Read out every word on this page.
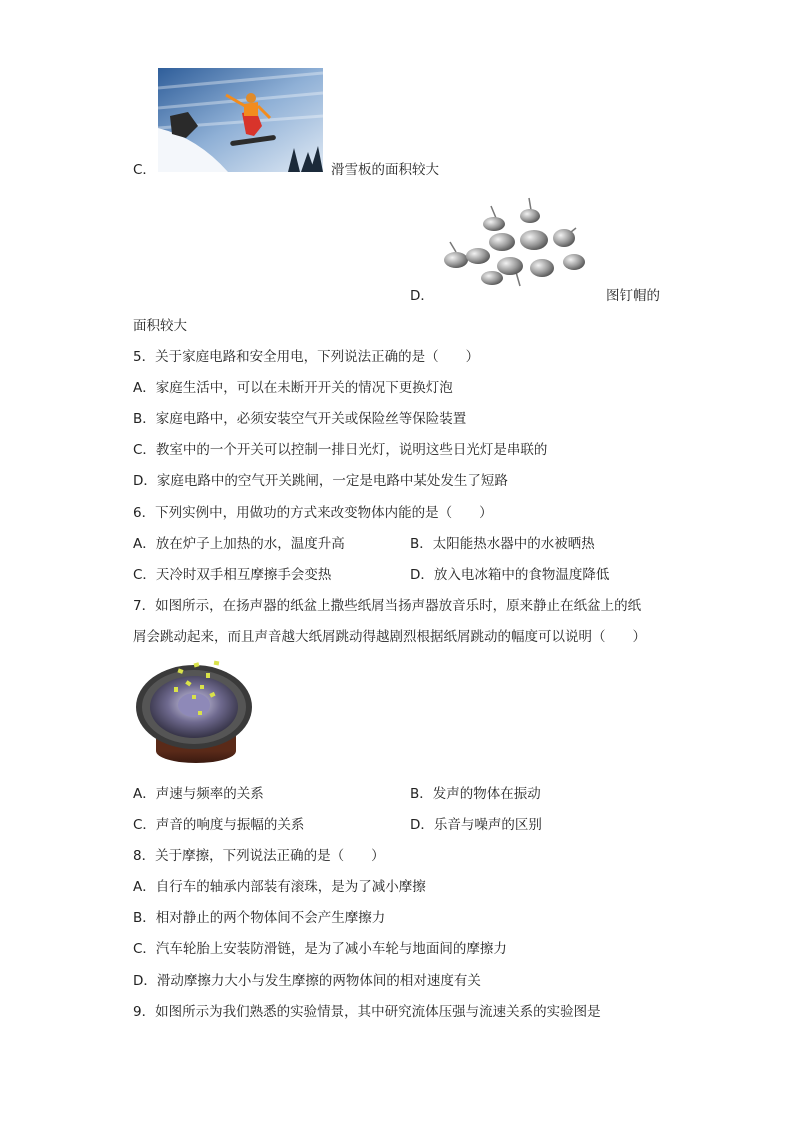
C．	滑雪板的面积较大
D．	图钉帽的
面积较大
5．关于家庭电路和安全用电，下列说法正确的是（　　）
A．家庭生活中，可以在未断开开关的情况下更换灯泡
B．家庭电路中，必须安装空气开关或保险丝等保险装置
C．教室中的一个开关可以控制一排日光灯，说明这些日光灯是串联的
D．家庭电路中的空气开关跳闸，一定是电路中某处发生了短路
6．下列实例中，用做功的方式来改变物体内能的是（　　）
A．放在炉子上加热的水，温度升高	B．太阳能热水器中的水被晒热
C．天冷时双手相互摩擦手会变热	D．放入电冰箱中的食物温度降低
7．如图所示，在扬声器的纸盆上撒些纸屑当扬声器放音乐时，原来静止在纸盆上的纸
屑会跳动起来，而且声音越大纸屑跳动得越剧烈根据纸屑跳动的幅度可以说明（　　）
A．声速与频率的关系	B．发声的物体在振动
C．声音的响度与振幅的关系	D．乐音与噪声的区别
8．关于摩擦，下列说法正确的是（　　）
A．自行车的轴承内部装有滚珠，是为了减小摩擦
B．相对静止的两个物体间不会产生摩擦力
C．汽车轮胎上安装防滑链，是为了减小车轮与地面间的摩擦力
D．滑动摩擦力大小与发生摩擦的两物体间的相对速度有关
9．如图所示为我们熟悉的实验情景，其中研究流体压强与流速关系的实验图是
